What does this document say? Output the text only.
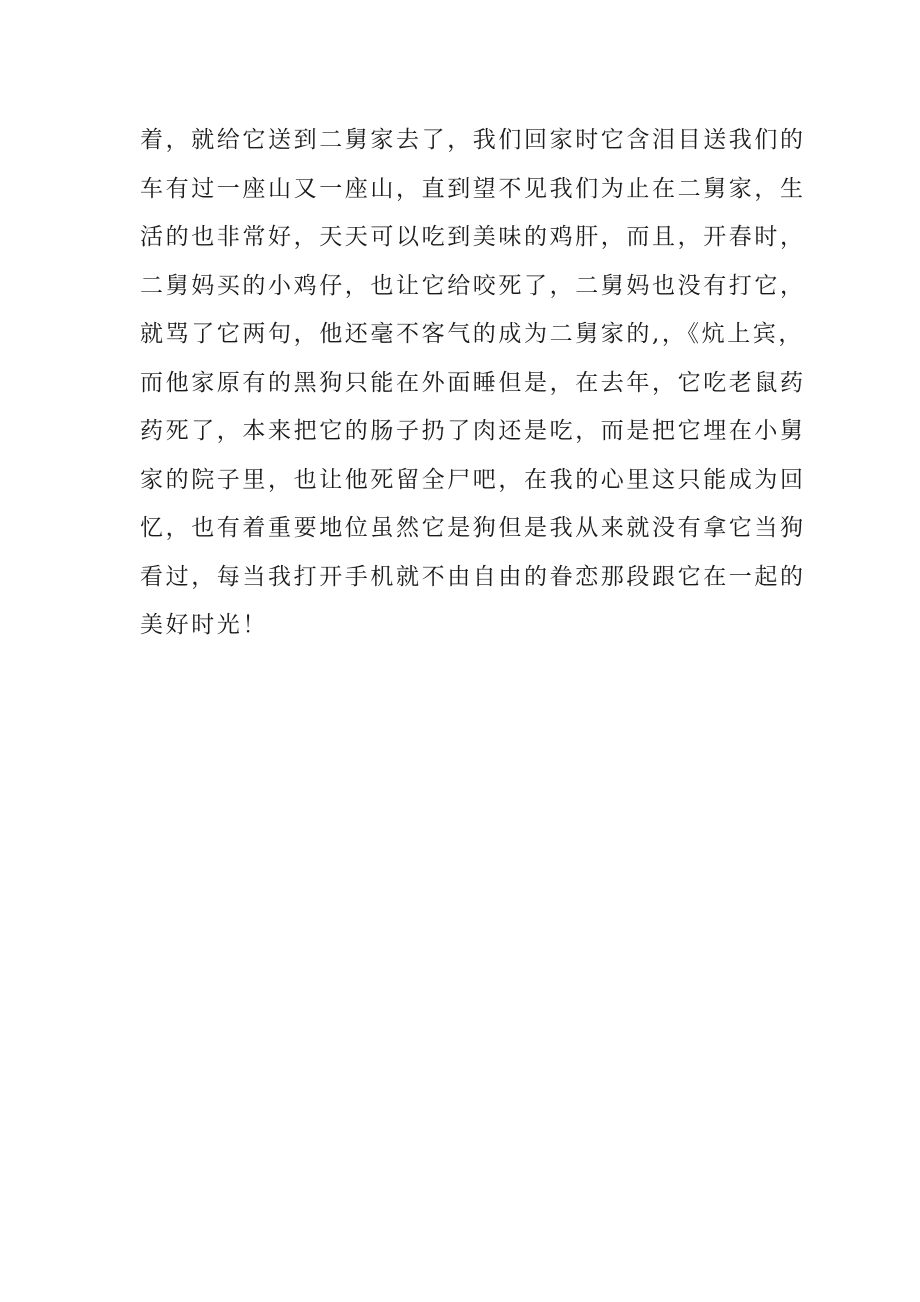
着，就给它送到二舅家去了，我们回家时它含泪目送我们的
车有过一座山又一座山，直到望不见我们为止在二舅家，生
活的也非常好，天天可以吃到美味的鸡肝，而且，开春时，
二舅妈买的小鸡仔，也让它给咬死了，二舅妈也没有打它，
就骂了它两句，他还毫不客气的成为二舅家的,，《炕上宾，
而他家原有的黑狗只能在外面睡但是，在去年，它吃老鼠药
药死了，本来把它的肠子扔了肉还是吃，而是把它埋在小舅
家的院子里，也让他死留全尸吧，在我的心里这只能成为回
忆，也有着重要地位虽然它是狗但是我从来就没有拿它当狗
看过，每当我打开手机就不由自由的眷恋那段跟它在一起的
美好时光！
